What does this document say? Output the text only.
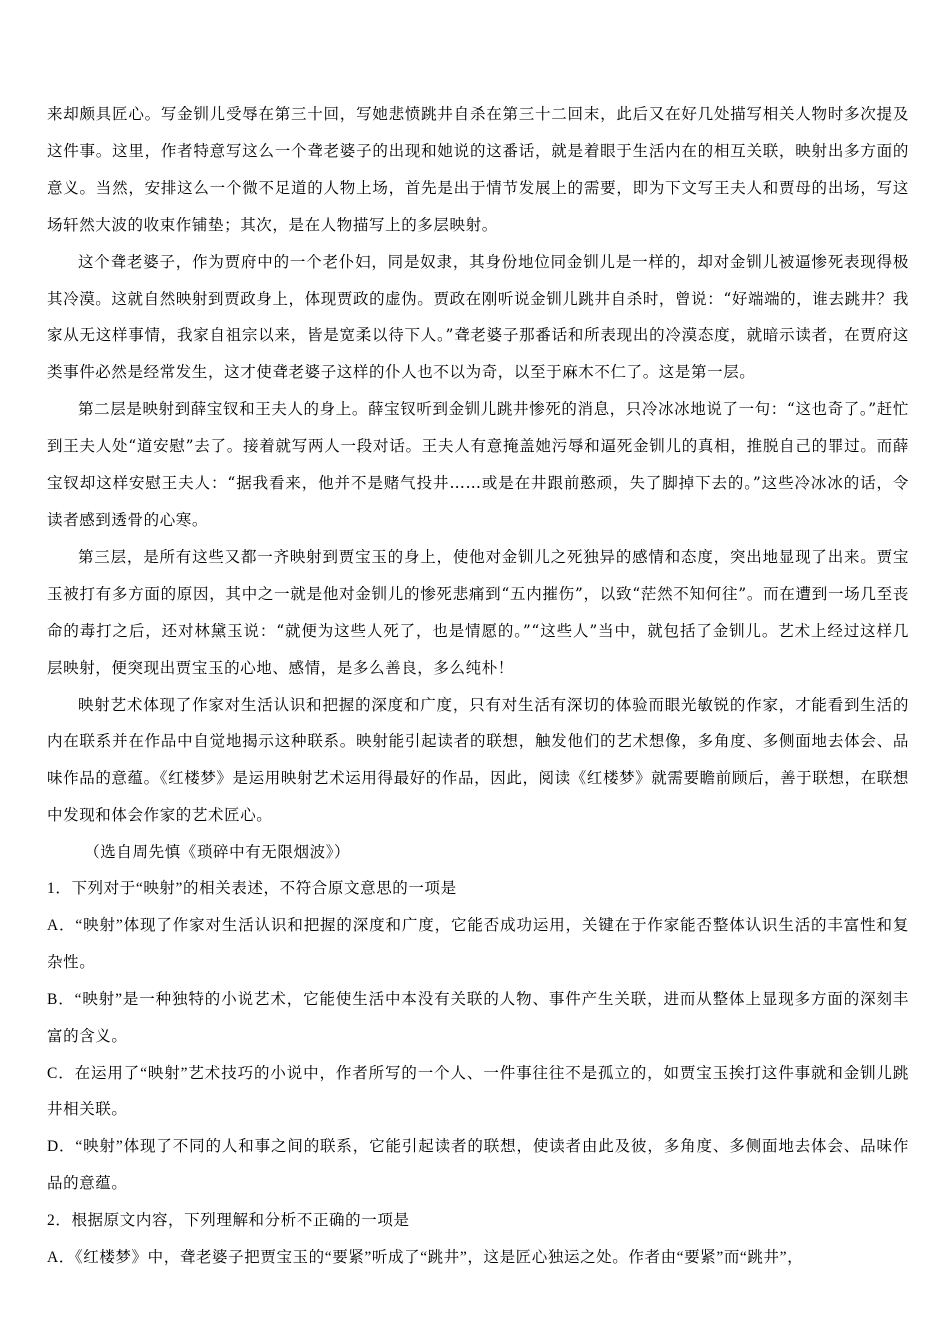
来却颇具匠心。写金钏儿受辱在第三十回，写她悲愤跳井自杀在第三十二回末，此后又在好几处描写相关人物时多次提及这件事。这里，作者特意写这么一个聋老婆子的出现和她说的这番话，就是着眼于生活内在的相互关联，映射出多方面的意义。当然，安排这么一个微不足道的人物上场，首先是出于情节发展上的需要，即为下文写王夫人和贾母的出场，写这场轩然大波的收束作铺垫；其次，是在人物描写上的多层映射。

这个聋老婆子，作为贾府中的一个老仆妇，同是奴隶，其身份地位同金钏儿是一样的，却对金钏儿被逼惨死表现得极其冷漠。这就自然映射到贾政身上，体现贾政的虚伪。贾政在刚听说金钏儿跳井自杀时，曾说：“好端端的，谁去跳井？我家从无这样事情，我家自祖宗以来，皆是宽柔以待下人。”聋老婆子那番话和所表现出的冷漠态度，就暗示读者，在贾府这类事件必然是经常发生，这才使聋老婆子这样的仆人也不以为奇，以至于麻木不仁了。这是第一层。

第二层是映射到薛宝钗和王夫人的身上。薛宝钗听到金钏儿跳井惨死的消息，只冷冰冰地说了一句：“这也奇了。”赶忙到王夫人处“道安慰”去了。接着就写两人一段对话。王夫人有意掩盖她污辱和逼死金钏儿的真相，推脱自己的罪过。而薛宝钗却这样安慰王夫人：“据我看来，他并不是赌气投井……或是在井跟前憨顽，失了脚掉下去的。”这些冷冰冰的话，令读者感到透骨的心寒。

第三层，是所有这些又都一齐映射到贾宝玉的身上，使他对金钏儿之死独异的感情和态度，突出地显现了出来。贾宝玉被打有多方面的原因，其中之一就是他对金钏儿的惨死悲痛到“五内摧伤”，以致“茫然不知何往”。而在遭到一场几至丧命的毒打之后，还对林黛玉说：“就便为这些人死了，也是情愿的。”“这些人”当中，就包括了金钏儿。艺术上经过这样几层映射，便突现出贾宝玉的心地、感情，是多么善良，多么纯朴！

映射艺术体现了作家对生活认识和把握的深度和广度，只有对生活有深切的体验而眼光敏锐的作家，才能看到生活的内在联系并在作品中自觉地揭示这种联系。映射能引起读者的联想，触发他们的艺术想像，多角度、多侧面地去体会、品味作品的意蕴。《红楼梦》是运用映射艺术运用得最好的作品，因此，阅读《红楼梦》就需要瞻前顾后，善于联想，在联想中发现和体会作家的艺术匠心。

（选自周先慎《琐碎中有无限烟波》）

1．下列对于“映射”的相关表述，不符合原文意思的一项是

A．“映射”体现了作家对生活认识和把握的深度和广度，它能否成功运用，关键在于作家能否整体认识生活的丰富性和复杂性。

B．“映射”是一种独特的小说艺术，它能使生活中本没有关联的人物、事件产生关联，进而从整体上显现多方面的深刻丰富的含义。

C．在运用了“映射”艺术技巧的小说中，作者所写的一个人、一件事往往不是孤立的，如贾宝玉挨打这件事就和金钏儿跳井相关联。

D．“映射”体现了不同的人和事之间的联系，它能引起读者的联想，使读者由此及彼，多角度、多侧面地去体会、品味作品的意蕴。

2．根据原文内容，下列理解和分析不正确的一项是

A．《红楼梦》中，聋老婆子把贾宝玉的“要紧”听成了“跳井”，这是匠心独运之处。作者由“要紧”而“跳井”，
